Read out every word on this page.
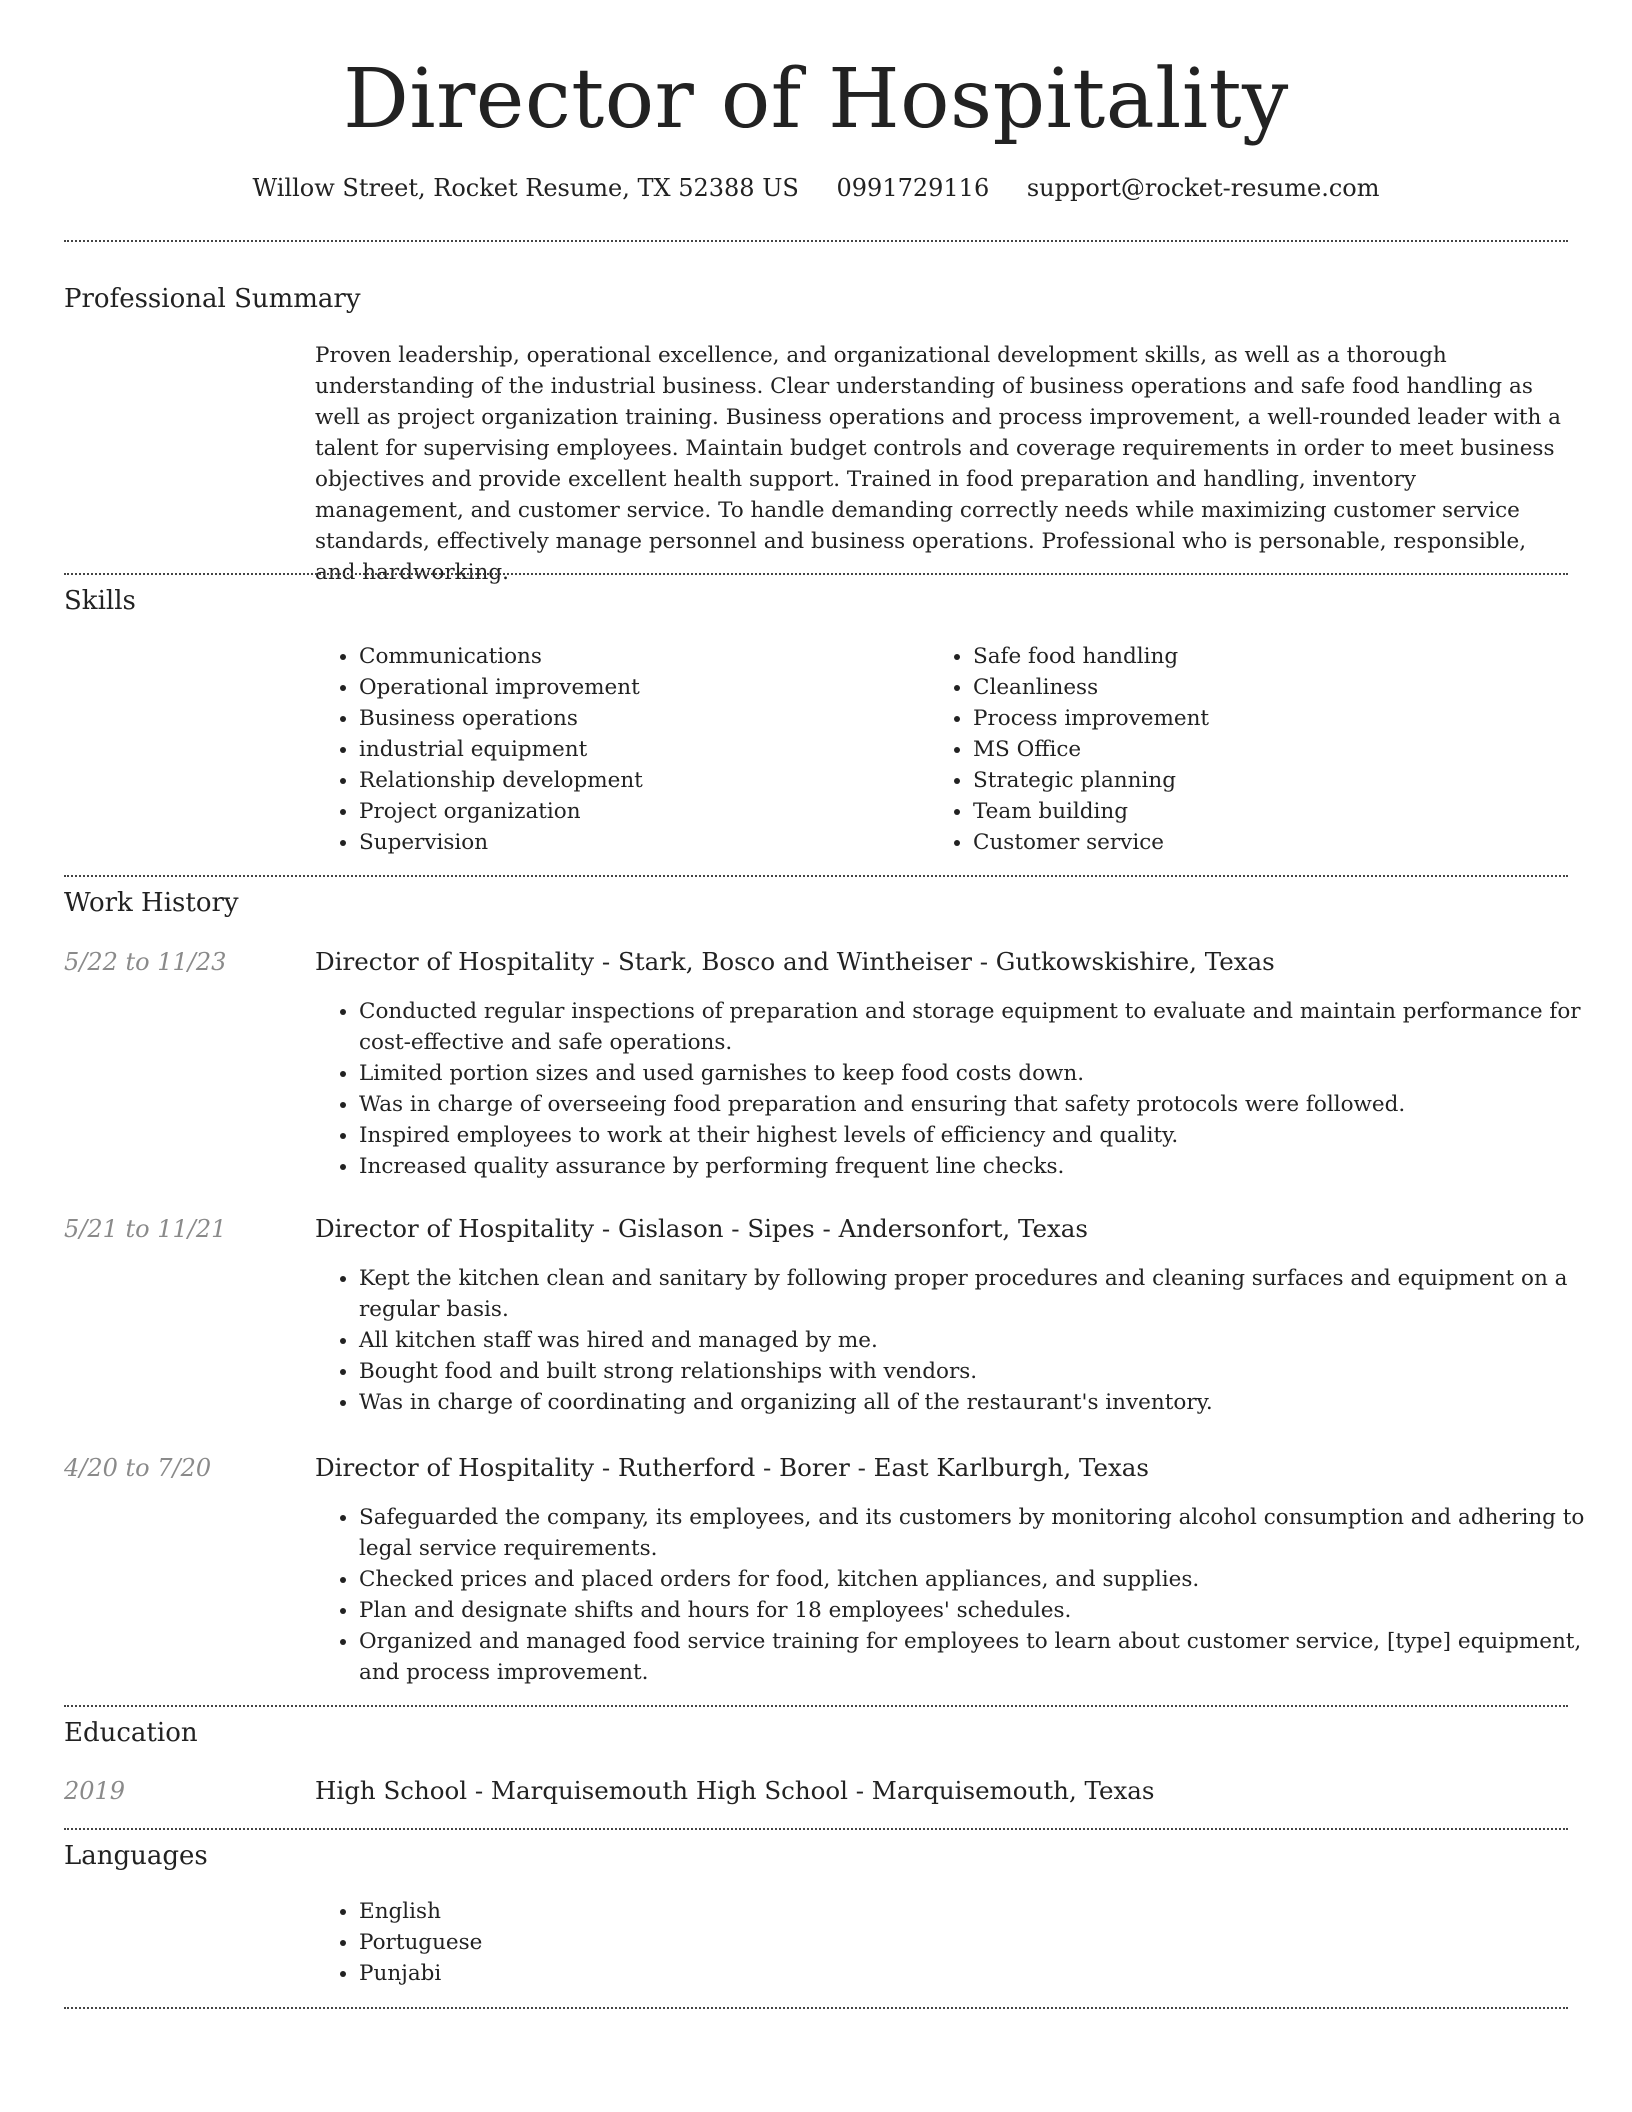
Director of Hospitality
Willow Street, Rocket Resume, TX 52388 US 0991729116 support@rocket-resume.com
Professional Summary

Proven leadership, operational excellence, and organizational development skills, as well as a thorough understanding of the industrial business. Clear understanding of business operations and safe food handling as well as project organization training. Business operations and process improvement, a well-rounded leader with a talent for supervising employees. Maintain budget controls and coverage requirements in order to meet business objectives and provide excellent health support. Trained in food preparation and handling, inventory management, and customer service. To handle demanding correctly needs while maximizing customer service standards, effectively manage personnel and business operations. Professional who is personable, responsible, and hardworking.

Skills
• Communications
• Operational improvement
• Business operations
• industrial equipment
• Relationship development
• Project organization
• Supervision
• Safe food handling
• Cleanliness
• Process improvement
• MS Office
• Strategic planning
• Team building
• Customer service
Work History
5/22 to 11/23	Director of Hospitality - Stark, Bosco and Wintheiser - Gutkowskishire, Texas
• Conducted regular inspections of preparation and storage equipment to evaluate and maintain performance for cost-effective and safe operations.
• Limited portion sizes and used garnishes to keep food costs down.
• Was in charge of overseeing food preparation and ensuring that safety protocols were followed.
• Inspired employees to work at their highest levels of efficiency and quality.
• Increased quality assurance by performing frequent line checks.
5/21 to 11/21	Director of Hospitality - Gislason - Sipes - Andersonfort, Texas
• Kept the kitchen clean and sanitary by following proper procedures and cleaning surfaces and equipment on a regular basis.
• All kitchen staff was hired and managed by me.
• Bought food and built strong relationships with vendors.
• Was in charge of coordinating and organizing all of the restaurant's inventory.
4/20 to 7/20	Director of Hospitality - Rutherford - Borer - East Karlburgh, Texas
• Safeguarded the company, its employees, and its customers by monitoring alcohol consumption and adhering to legal service requirements.
• Checked prices and placed orders for food, kitchen appliances, and supplies.
• Plan and designate shifts and hours for 18 employees' schedules.
• Organized and managed food service training for employees to learn about customer service, [type] equipment, and process improvement.
Education
2019	High School - Marquisemouth High School - Marquisemouth, Texas
Languages
• English
• Portuguese
• Punjabi
